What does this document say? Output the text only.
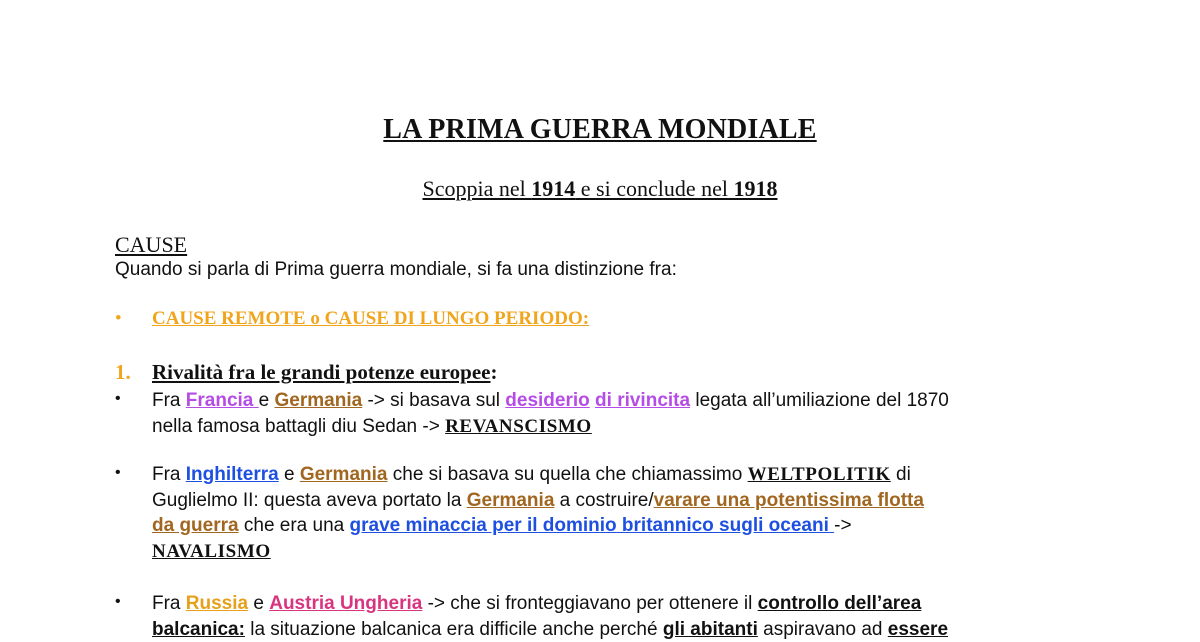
LA PRIMA GUERRA MONDIALE
Scoppia nel 1914 e si conclude nel 1918
CAUSE
Quando si parla di Prima guerra mondiale, si fa una distinzione fra:
• CAUSE REMOTE o CAUSE DI LUNGO PERIODO:
1. Rivalità fra le grandi potenze europee:
• Fra Francia e Germania -> si basava sul desiderio di rivincita legata all’umiliazione del 1870
nella famosa battagli diu Sedan -> REVANSCISMO
• Fra Inghilterra e Germania che si basava su quella che chiamassimo WELTPOLITIK di
Guglielmo II: questa aveva portato la Germania a costruire/varare una potentissima flotta
da guerra che era una grave minaccia per il dominio britannico sugli oceani ->
NAVALISMO
• Fra Russia e Austria Ungheria -> che si fronteggiavano per ottenere il controllo dell’area
balcanica: la situazione balcanica era difficile anche perché gli abitanti aspiravano ad essere
